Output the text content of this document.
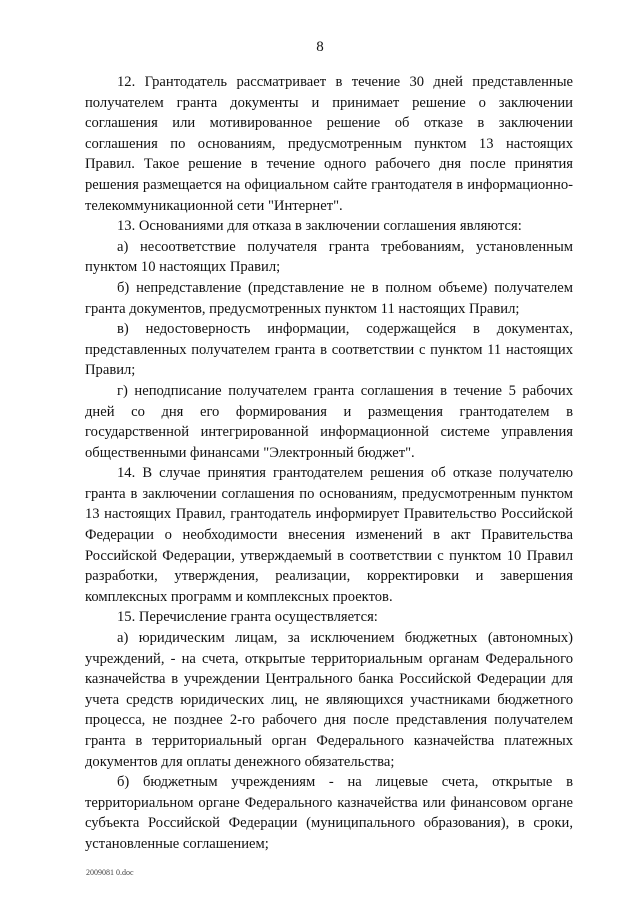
8

12. Грантодатель рассматривает в течение 30 дней представленные получателем гранта документы и принимает решение о заключении соглашения или мотивированное решение об отказе в заключении соглашения по основаниям, предусмотренным пунктом 13 настоящих Правил. Такое решение в течение одного рабочего дня после принятия решения размещается на официальном сайте грантодателя в информационно-телекоммуникационной сети "Интернет".

13. Основаниями для отказа в заключении соглашения являются:

а) несоответствие получателя гранта требованиям, установленным пунктом 10 настоящих Правил;

б) непредставление (представление не в полном объеме) получателем гранта документов, предусмотренных пунктом 11 настоящих Правил;

в) недостоверность информации, содержащейся в документах, представленных получателем гранта в соответствии с пунктом 11 настоящих Правил;

г) неподписание получателем гранта соглашения в течение 5 рабочих дней со дня его формирования и размещения грантодателем в государственной интегрированной информационной системе управления общественными финансами "Электронный бюджет".

14. В случае принятия грантодателем решения об отказе получателю гранта в заключении соглашения по основаниям, предусмотренным пунктом 13 настоящих Правил, грантодатель информирует Правительство Российской Федерации о необходимости внесения изменений в акт Правительства Российской Федерации, утверждаемый в соответствии с пунктом 10 Правил разработки, утверждения, реализации, корректировки и завершения комплексных программ и комплексных проектов.

15. Перечисление гранта осуществляется:

а) юридическим лицам, за исключением бюджетных (автономных) учреждений, - на счета, открытые территориальным органам Федерального казначейства в учреждении Центрального банка Российской Федерации для учета средств юридических лиц, не являющихся участниками бюджетного процесса, не позднее 2-го рабочего дня после представления получателем гранта в территориальный орган Федерального казначейства платежных документов для оплаты денежного обязательства;

б) бюджетным учреждениям - на лицевые счета, открытые в территориальном органе Федерального казначейства или финансовом органе субъекта Российской Федерации (муниципального образования), в сроки, установленные соглашением;

2009081 0.doc
